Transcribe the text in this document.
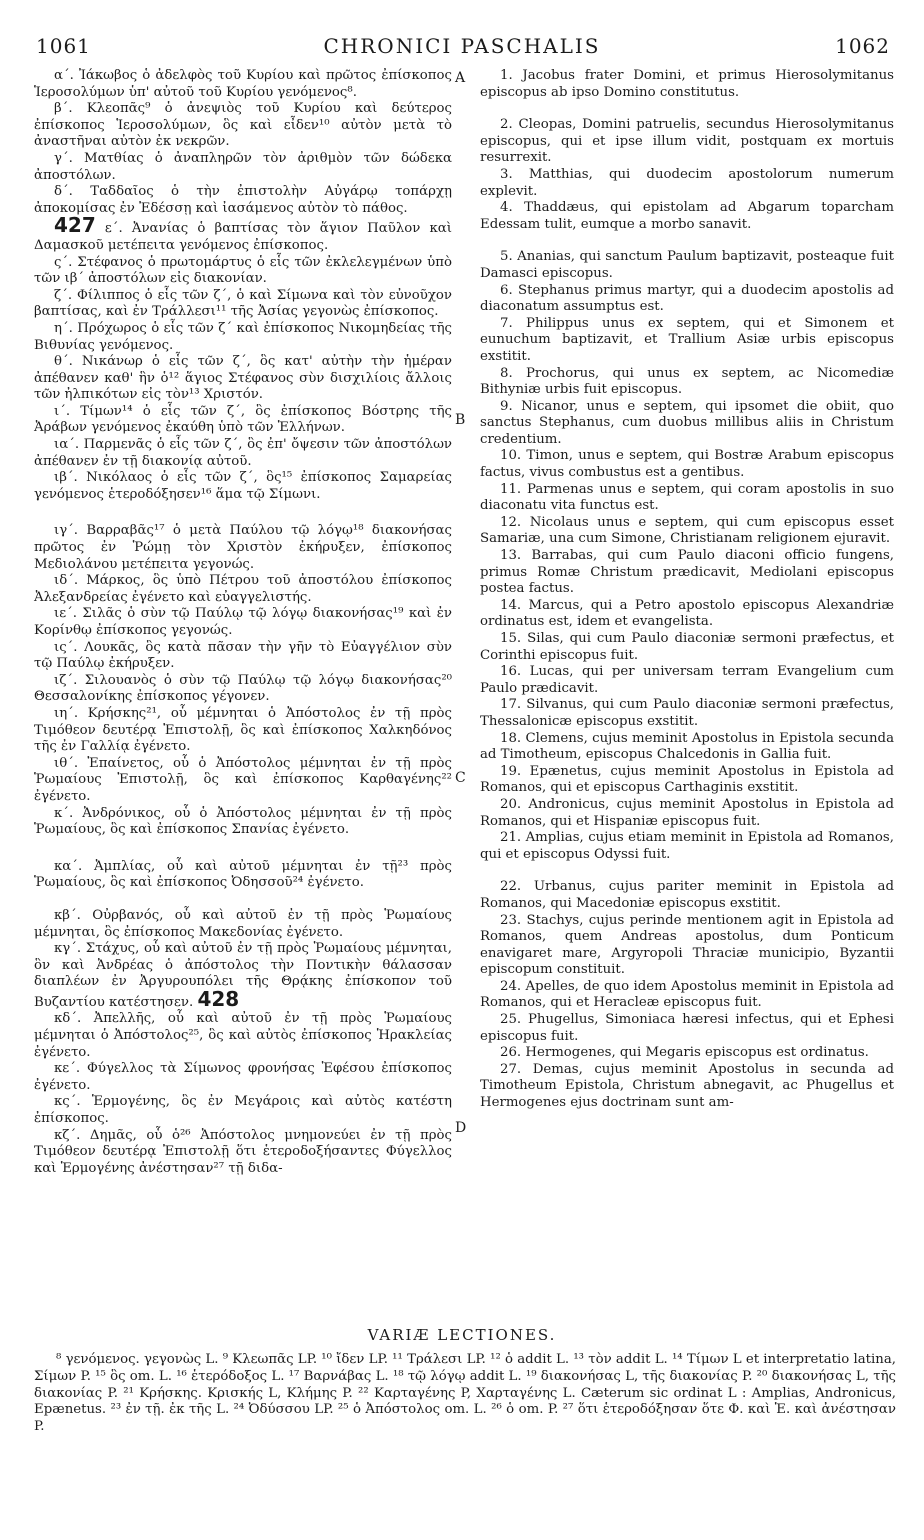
1061	CHRONICI PASCHALIS	1062

α΄. Ἰάκωβος ὁ ἀδελφὸς τοῦ Κυρίου καὶ πρῶτος ἐπίσκοπος Ἱεροσολύμων ὑπ' αὐτοῦ τοῦ Κυρίου γενόμενος⁸.

β΄. Κλεοπᾶς⁹ ὁ ἀνεψιὸς τοῦ Κυρίου καὶ δεύτερος ἐπίσκοπος Ἱεροσολύμων, ὃς καὶ εἶδεν¹⁰ αὐτὸν μετὰ τὸ ἀναστῆναι αὐτὸν ἐκ νεκρῶν.

γ΄. Ματθίας ὁ ἀναπληρῶν τὸν ἀριθμὸν τῶν δώδεκα ἀποστόλων.

δ΄. Ταδδαῖος ὁ τὴν ἐπιστολὴν Αὐγάρῳ τοπάρχῃ ἀποκομίσας ἐν Ἐδέσσῃ καὶ ἰασάμενος αὐτὸν τὸ πάθος.

427 ε΄. Ἀνανίας ὁ βαπτίσας τὸν ἅγιον Παῦλον καὶ Δαμασκοῦ μετέπειτα γενόμενος ἐπίσκοπος.

ς΄. Στέφανος ὁ πρωτομάρτυς ὁ εἷς τῶν ἐκλελεγμένων ὑπὸ τῶν ιβ΄ ἀποστόλων εἰς διακονίαν.

ζ΄. Φίλιππος ὁ εἷς τῶν ζ΄, ὁ καὶ Σίμωνα καὶ τὸν εὐνοῦχον βαπτίσας, καὶ ἐν Τράλλεσι¹¹ τῆς Ἀσίας γεγονὼς ἐπίσκοπος.

η΄. Πρόχωρος ὁ εἷς τῶν ζ΄ καὶ ἐπίσκοπος Νικομηδείας τῆς Βιθυνίας γενόμενος.

θ΄. Νικάνωρ ὁ εἷς τῶν ζ΄, ὃς κατ' αὐτὴν τὴν ἡμέραν ἀπέθανεν καθ' ἣν ὁ¹² ἅγιος Στέφανος σὺν δισχιλίοις ἄλλοις τῶν ἠλπικότων εἰς τὸν¹³ Χριστόν.

ι΄. Τίμων¹⁴ ὁ εἷς τῶν ζ΄, ὃς ἐπίσκοπος Βόστρης τῆς Ἀράβων γενόμενος ἐκαύθη ὑπὸ τῶν Ἑλλήνων.

ια΄. Παρμενᾶς ὁ εἷς τῶν ζ΄, ὃς ἐπ' ὄψεσιν τῶν ἀποστόλων ἀπέθανεν ἐν τῇ διακονίᾳ αὐτοῦ.

ιβ΄. Νικόλαος ὁ εἷς τῶν ζ΄, ὃς¹⁵ ἐπίσκοπος Σαμαρείας γενόμενος ἑτεροδόξησεν¹⁶ ἅμα τῷ Σίμωνι.

ιγ΄. Βαρραβᾶς¹⁷ ὁ μετὰ Παύλου τῷ λόγῳ¹⁸ διακονήσας πρῶτος ἐν Ῥώμῃ τὸν Χριστὸν ἐκήρυξεν, ἐπίσκοπος Μεδιολάνου μετέπειτα γεγονώς.

ιδ΄. Μάρκος, ὃς ὑπὸ Πέτρου τοῦ ἀποστόλου ἐπίσκοπος Ἀλεξανδρείας ἐγένετο καὶ εὐαγγελιστής.

ιε΄. Σιλᾶς ὁ σὺν τῷ Παύλῳ τῷ λόγῳ διακονήσας¹⁹ καὶ ἐν Κορίνθῳ ἐπίσκοπος γεγονώς.

ις΄. Λουκᾶς, ὃς κατὰ πᾶσαν τὴν γῆν τὸ Εὐαγγέλιον σὺν τῷ Παύλῳ ἐκήρυξεν.

ιζ΄. Σιλουανὸς ὁ σὺν τῷ Παύλῳ τῷ λόγῳ διακονήσας²⁰ Θεσσαλονίκης ἐπίσκοπος γέγονεν.

ιη΄. Κρήσκης²¹, οὗ μέμνηται ὁ Ἀπόστολος ἐν τῇ πρὸς Τιμόθεον δευτέρᾳ Ἐπιστολῇ, ὃς καὶ ἐπίσκοπος Χαλκηδόνος τῆς ἐν Γαλλίᾳ ἐγένετο.

ιθ΄. Ἐπαίνετος, οὗ ὁ Ἀπόστολος μέμνηται ἐν τῇ πρὸς Ῥωμαίους Ἐπιστολῇ, ὃς καὶ ἐπίσκοπος Καρθαγένης²² ἐγένετο.

κ΄. Ἀνδρόνικος, οὗ ὁ Ἀπόστολος μέμνηται ἐν τῇ πρὸς Ῥωμαίους, ὃς καὶ ἐπίσκοπος Σπανίας ἐγένετο.

κα΄. Ἀμπλίας, οὗ καὶ αὐτοῦ μέμνηται ἐν τῇ²³ πρὸς Ῥωμαίους, ὃς καὶ ἐπίσκοπος Ὀδησσοῦ²⁴ ἐγένετο.

κβ΄. Οὐρβανός, οὗ καὶ αὐτοῦ ἐν τῇ πρὸς Ῥωμαίους μέμνηται, ὃς ἐπίσκοπος Μακεδονίας ἐγένετο.

κγ΄. Στάχυς, οὗ καὶ αὐτοῦ ἐν τῇ πρὸς Ῥωμαίους μέμνηται, ὃν καὶ Ἀνδρέας ὁ ἀπόστολος τὴν Ποντικὴν θάλασσαν διαπλέων ἐν Ἀργυρουπόλει τῆς Θρᾴκης ἐπίσκοπον τοῦ Βυζαντίου κατέστησεν. 428

κδ΄. Ἀπελλῆς, οὗ καὶ αὐτοῦ ἐν τῇ πρὸς Ῥωμαίους μέμνηται ὁ Ἀπόστολος²⁵, ὃς καὶ αὐτὸς ἐπίσκοπος Ἡρακλείας ἐγένετο.

κε΄. Φύγελλος τὰ Σίμωνος φρονήσας Ἐφέσου ἐπίσκοπος ἐγένετο.

κς΄. Ἑρμογένης, ὃς ἐν Μεγάροις καὶ αὐτὸς κατέστη ἐπίσκοπος.

κζ΄. Δημᾶς, οὗ ὁ²⁶ Ἀπόστολος μνημονεύει ἐν τῇ πρὸς Τιμόθεον δευτέρᾳ Ἐπιστολῇ ὅτι ἑτεροδοξήσαντες Φύγελλος καὶ Ἑρμογένης ἀνέστησαν²⁷ τῇ διδα-

A
B
C
D

1. Jacobus frater Domini, et primus Hierosolymitanus episcopus ab ipso Domino constitutus.

2. Cleopas, Domini patruelis, secundus Hierosolymitanus episcopus, qui et ipse illum vidit, postquam ex mortuis resurrexit.

3. Matthias, qui duodecim apostolorum numerum explevit.

4. Thaddæus, qui epistolam ad Abgarum toparcham Edessam tulit, eumque a morbo sanavit.

5. Ananias, qui sanctum Paulum baptizavit, posteaque fuit Damasci episcopus.

6. Stephanus primus martyr, qui a duodecim apostolis ad diaconatum assumptus est.

7. Philippus unus ex septem, qui et Simonem et eunuchum baptizavit, et Trallium Asiæ urbis episcopus exstitit.

8. Prochorus, qui unus ex septem, ac Nicomediæ Bithyniæ urbis fuit episcopus.

9. Nicanor, unus e septem, qui ipsomet die obiit, quo sanctus Stephanus, cum duobus millibus aliis in Christum credentium.

10. Timon, unus e septem, qui Bostræ Arabum episcopus factus, vivus combustus est a gentibus.

11. Parmenas unus e septem, qui coram apostolis in suo diaconatu vita functus est.

12. Nicolaus unus e septem, qui cum episcopus esset Samariæ, una cum Simone, Christianam religionem ejuravit.

13. Barrabas, qui cum Paulo diaconi officio fungens, primus Romæ Christum prædicavit, Mediolani episcopus postea factus.

14. Marcus, qui a Petro apostolo episcopus Alexandriæ ordinatus est, idem et evangelista.

15. Silas, qui cum Paulo diaconiæ sermoni præfectus, et Corinthi episcopus fuit.

16. Lucas, qui per universam terram Evangelium cum Paulo prædicavit.

17. Silvanus, qui cum Paulo diaconiæ sermoni præfectus, Thessalonicæ episcopus exstitit.

18. Clemens, cujus meminit Apostolus in Epistola secunda ad Timotheum, episcopus Chalcedonis in Gallia fuit.

19. Epænetus, cujus meminit Apostolus in Epistola ad Romanos, qui et episcopus Carthaginis exstitit.

20. Andronicus, cujus meminit Apostolus in Epistola ad Romanos, qui et Hispaniæ episcopus fuit.

21. Amplias, cujus etiam meminit in Epistola ad Romanos, qui et episcopus Odyssi fuit.

22. Urbanus, cujus pariter meminit in Epistola ad Romanos, qui Macedoniæ episcopus exstitit.

23. Stachys, cujus perinde mentionem agit in Epistola ad Romanos, quem Andreas apostolus, dum Ponticum enavigaret mare, Argyropoli Thraciæ municipio, Byzantii episcopum constituit.

24. Apelles, de quo idem Apostolus meminit in Epistola ad Romanos, qui et Heracleæ episcopus fuit.

25. Phugellus, Simoniaca hæresi infectus, qui et Ephesi episcopus fuit.

26. Hermogenes, qui Megaris episcopus est ordinatus.

27. Demas, cujus meminit Apostolus in secunda ad Timotheum Epistola, Christum abnegavit, ac Phugellus et Hermogenes ejus doctrinam sunt am-

VARIÆ LECTIONES.

⁸ γενόμενος. γεγονὼς L. ⁹ Κλεωπᾶς LP. ¹⁰ ἴδεν LP. ¹¹ Τράλεσι LP. ¹² ὁ addit L. ¹³ τὸν addit L. ¹⁴ Τίμων L et interpretatio latina, Σίμων P. ¹⁵ ὃς om. L. ¹⁶ ἑτερόδοξος L. ¹⁷ Βαρνάβας L. ¹⁸ τῷ λόγῳ addit L. ¹⁹ διακονήσας L, τῆς διακονίας P. ²⁰ διακονήσας L, τῆς διακονίας P. ²¹ Κρήσκης. Κρισκής L, Κλήμης P. ²² Καρταγένης P, Χαρταγένης L. Cæterum sic ordinat L : Amplias, Andronicus, Epænetus. ²³ ἐν τῇ. ἐκ τῆς L. ²⁴ Ὀδύσσου LP. ²⁵ ὁ Ἀπόστολος om. L. ²⁶ ὁ om. P. ²⁷ ὅτι ἑτεροδόξησαν ὅτε Φ. καὶ Ἑ. καὶ ἀνέστησαν P.
